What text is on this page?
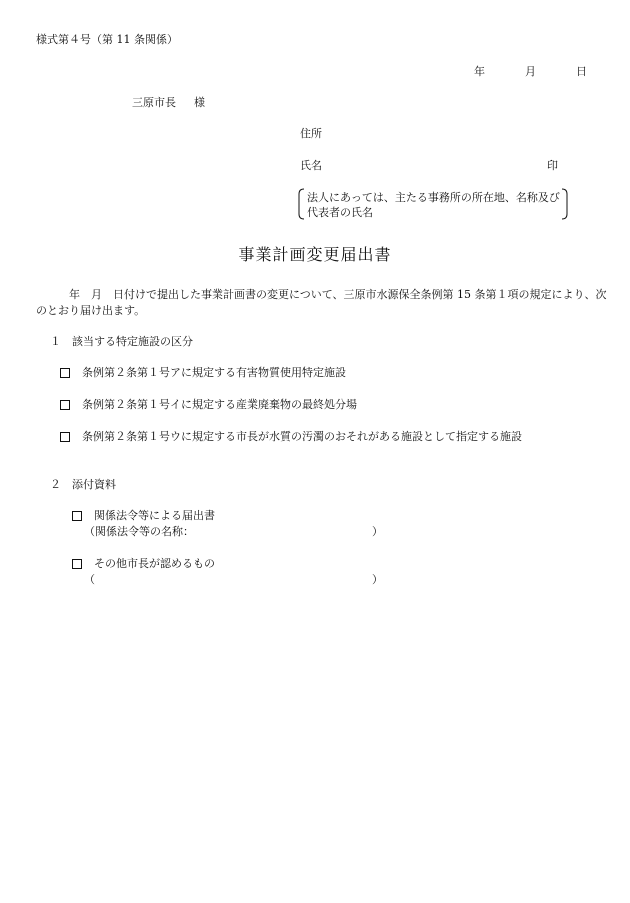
様式第４号（第 11 条関係）
年	月	日
三原市長 様
住所
氏名	印
法人にあっては、主たる事務所の所在地、名称及び
代表者の氏名
事業計画変更届出書
年　月　日付けで提出した事業計画書の変更について、三原市水源保全条例第 15 条第１項の規定により、次のとおり届け出ます。
１　該当する特定施設の区分
条例第２条第１号アに規定する有害物質使用特定施設
条例第２条第１号イに規定する産業廃棄物の最終処分場
条例第２条第１号ウに規定する市長が水質の汚濁のおそれがある施設として指定する施設
２　添付資料
関係法令等による届出書
（関係法令等の名称：	）
その他市長が認めるもの
（	）
